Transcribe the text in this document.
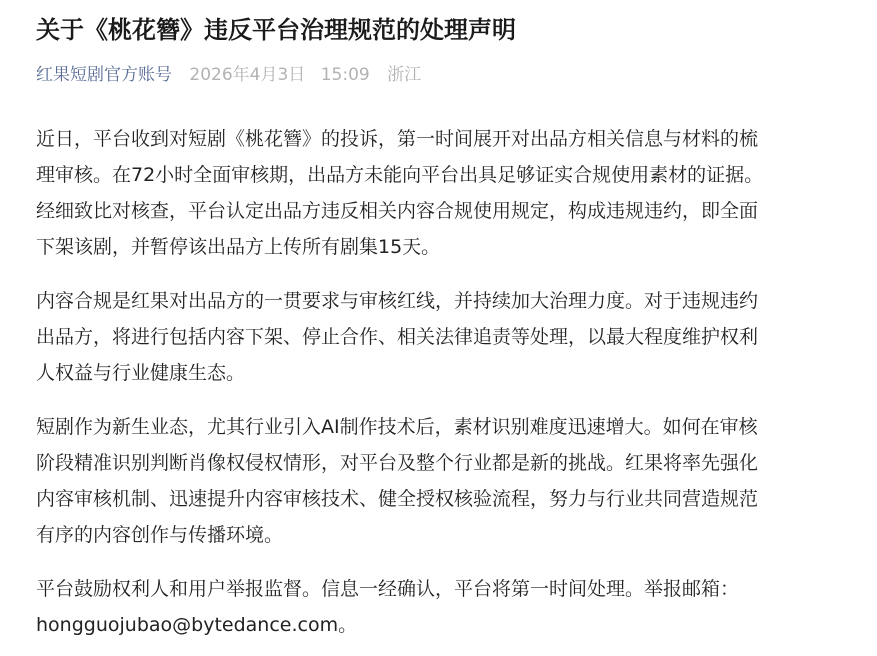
关于《桃花簪》违反平台治理规范的处理声明
红果短剧官方账号 2026年4月3日 15:09 浙江
近日，平台收到对短剧《桃花簪》的投诉，第一时间展开对出品方相关信息与材料的梳
理审核。在72小时全面审核期，出品方未能向平台出具足够证实合规使用素材的证据。
经细致比对核查，平台认定出品方违反相关内容合规使用规定，构成违规违约，即全面
下架该剧，并暂停该出品方上传所有剧集15天。
内容合规是红果对出品方的一贯要求与审核红线，并持续加大治理力度。对于违规违约
出品方，将进行包括内容下架、停止合作、相关法律追责等处理，以最大程度维护权利
人权益与行业健康生态。
短剧作为新生业态，尤其行业引入AI制作技术后，素材识别难度迅速增大。如何在审核
阶段精准识别判断肖像权侵权情形，对平台及整个行业都是新的挑战。红果将率先强化
内容审核机制、迅速提升内容审核技术、健全授权核验流程，努力与行业共同营造规范
有序的内容创作与传播环境。
平台鼓励权利人和用户举报监督。信息一经确认，平台将第一时间处理。举报邮箱：
hongguojubao@bytedance.com。
